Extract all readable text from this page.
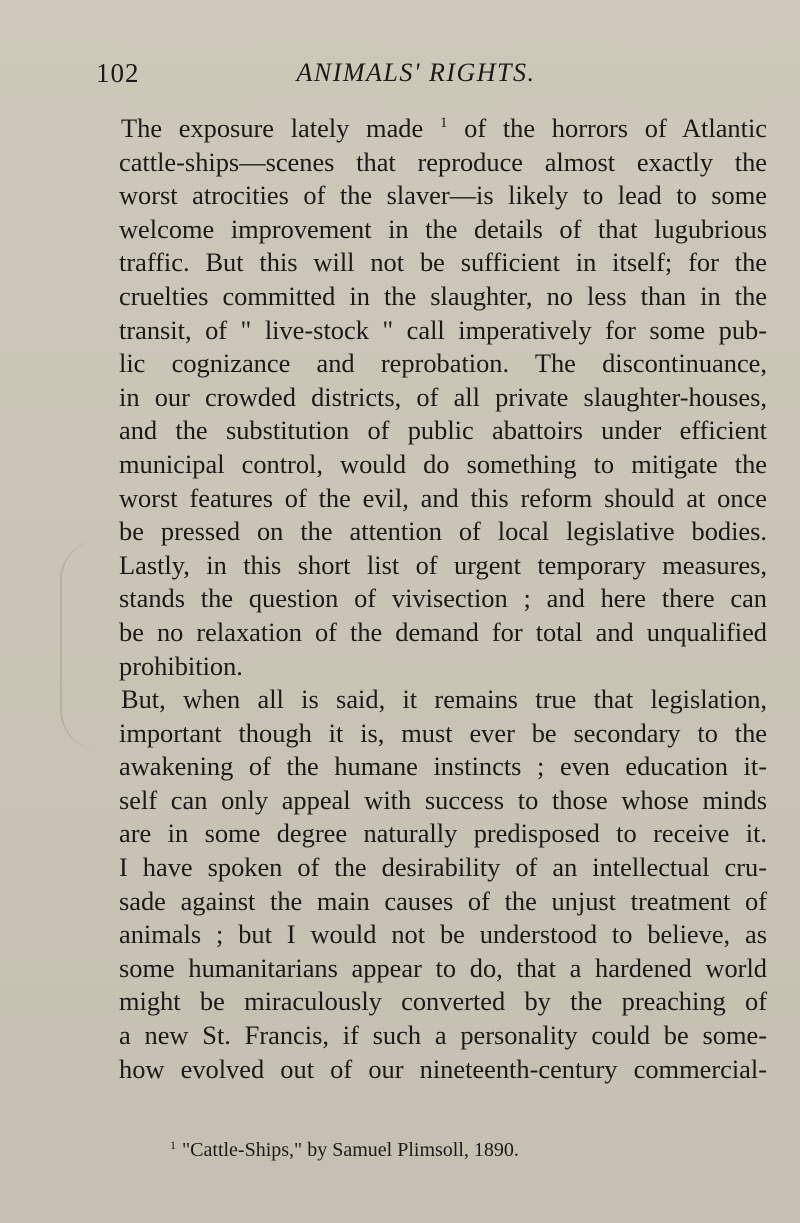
102	ANIMALS' RIGHTS.
The exposure lately made $^1$ of the horrors of Atlantic
cattle-ships—scenes that reproduce almost exactly the
worst atrocities of the slaver—is likely to lead to some
welcome improvement in the details of that lugubrious
traffic. But this will not be sufficient in itself; for the
cruelties committed in the slaughter, no less than in the
transit, of " live-stock " call imperatively for some pub-
lic cognizance and reprobation. The discontinuance,
in our crowded districts, of all private slaughter-houses,
and the substitution of public abattoirs under efficient
municipal control, would do something to mitigate the
worst features of the evil, and this reform should at once
be pressed on the attention of local legislative bodies.
Lastly, in this short list of urgent temporary measures,
stands the question of vivisection ; and here there can
be no relaxation of the demand for total and unqualified
prohibition.
But, when all is said, it remains true that legislation,
important though it is, must ever be secondary to the
awakening of the humane instincts ; even education it-
self can only appeal with success to those whose minds
are in some degree naturally predisposed to receive it.
I have spoken of the desirability of an intellectual cru-
sade against the main causes of the unjust treatment of
animals ; but I would not be understood to believe, as
some humanitarians appear to do, that a hardened world
might be miraculously converted by the preaching of
a new St. Francis, if such a personality could be some-
how evolved out of our nineteenth-century commercial-
$^1$ "Cattle-Ships," by Samuel Plimsoll, 1890.
